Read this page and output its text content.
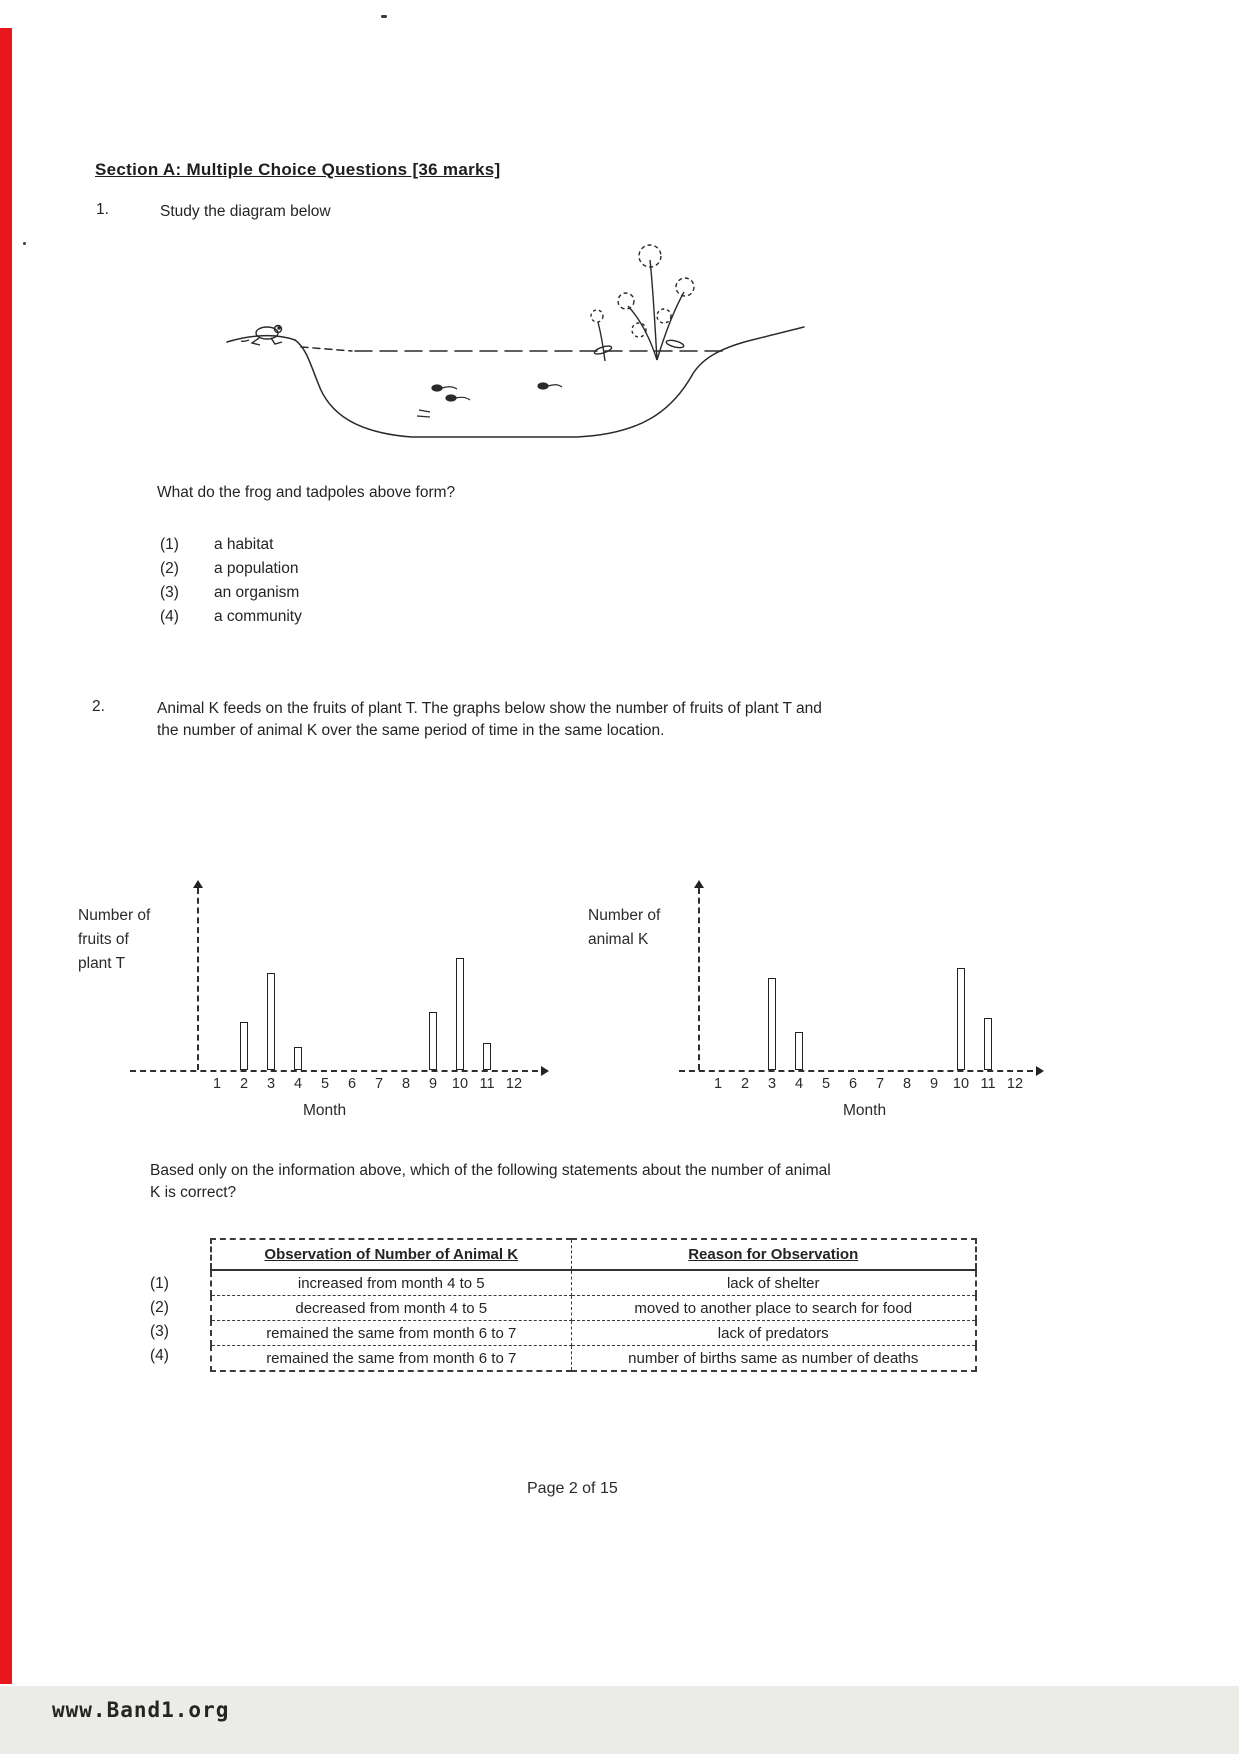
Section A: Multiple Choice Questions [36 marks]
1.	Study the diagram below
What do the frog and tadpoles above form?
(1) a habitat
(2) a population
(3) an organism
(4) a community
2.	Animal K feeds on the fruits of plant T. The graphs below show the number of fruits of plant T and
the number of animal K over the same period of time in the same location.
Number of
fruits of
plant T
1	2	3	4	5	6	7	8	9	10 11 12
Month
Number of
animal K
1	2	3	4	5	6	7	8	9	10 11 12
Month
Based only on the information above, which of the following statements about the number of animal
K is correct?
(1)
(2)
(3)
(4)
Observation of Number of Animal K	Reason for Observation
increased from month 4 to 5	lack of shelter
decreased from month 4 to 5	moved to another place to search for food
remained the same from month 6 to 7	lack of predators
remained the same from month 6 to 7	number of births same as number of deaths
Page 2 of 15
www.Band1.org
